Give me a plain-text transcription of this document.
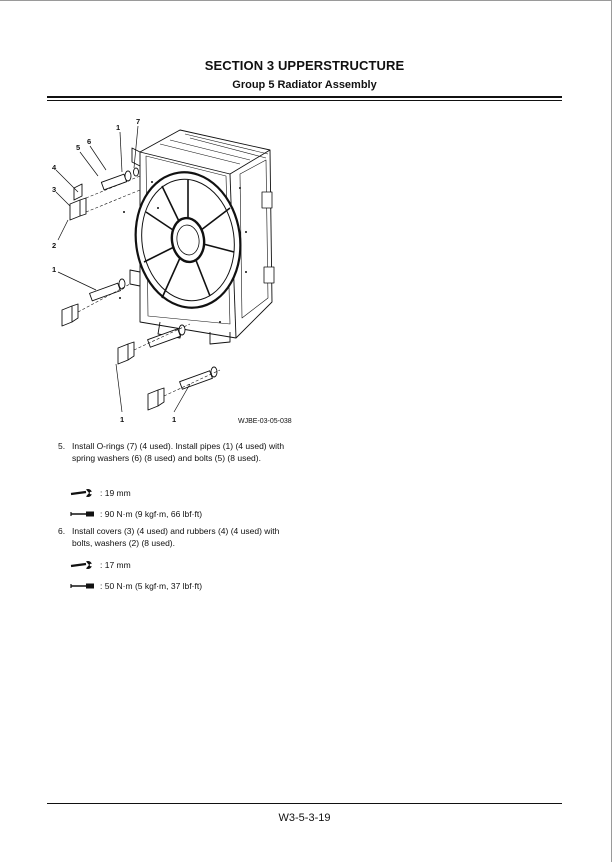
SECTION 3 UPPERSTRUCTURE
Group 5 Radiator Assembly
7
1
6
5
4
3
2
1
1	1	WJBE-03-05-038
5. Install O-rings (7) (4 used). Install pipes (1) (4 used) with spring washers (6) (8 used) and bolts (5) (8 used).
: 19 mm
: 90 N·m (9 kgf·m, 66 lbf·ft)
6. Install covers (3) (4 used) and rubbers (4) (4 used) with bolts, washers (2) (8 used).
: 17 mm
: 50 N·m (5 kgf·m, 37 lbf·ft)
W3-5-3-19
